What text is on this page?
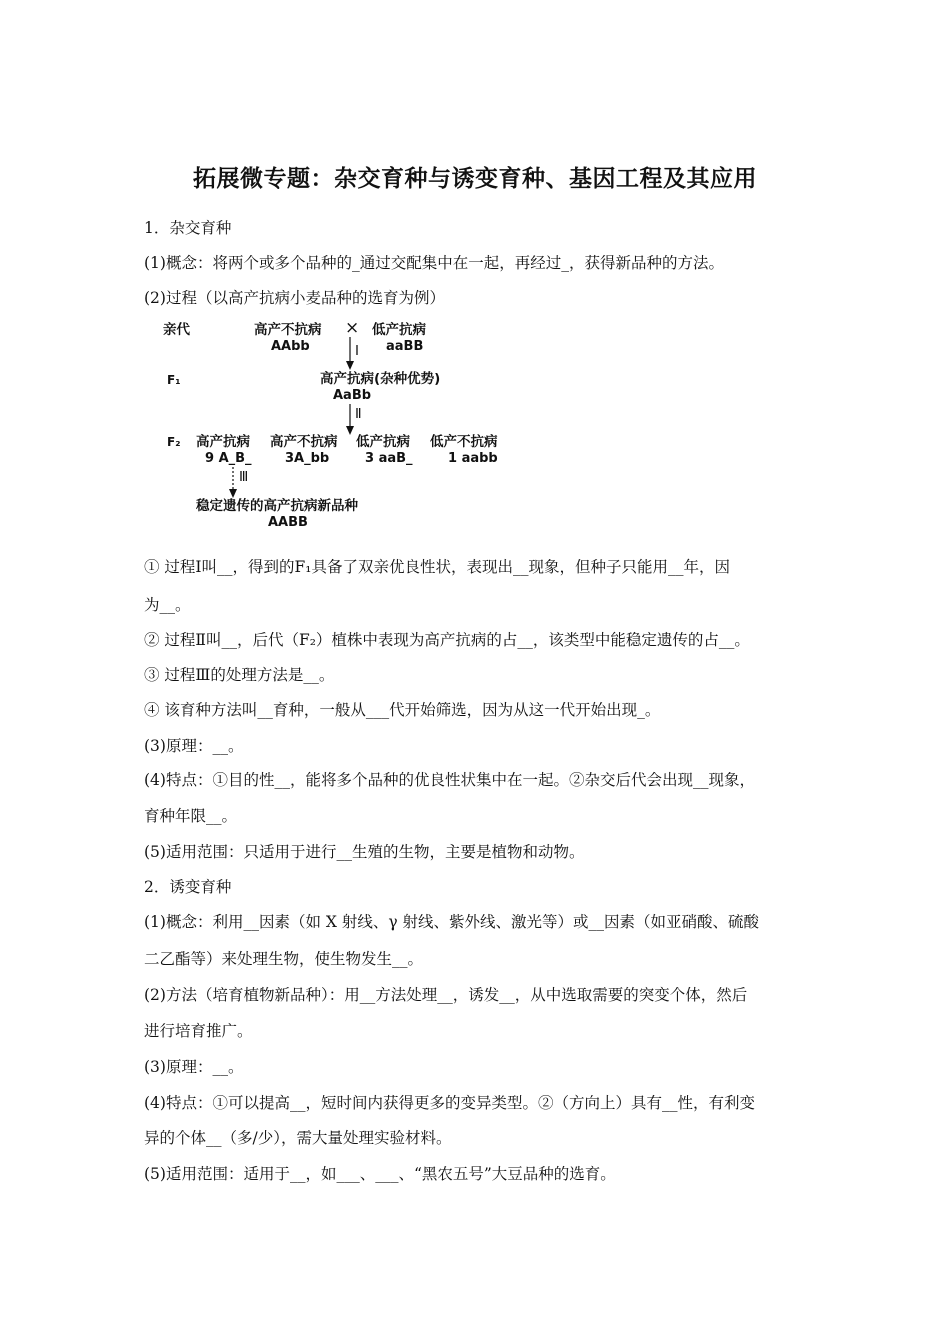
拓展微专题：杂交育种与诱变育种、基因工程及其应用
1．杂交育种
(1)概念：将两个或多个品种的_通过交配集中在一起，再经过_，获得新品种的方法。
(2)过程（以高产抗病小麦品种的选育为例）
亲代	高产不抗病
AAbb
× 低产抗病
aaBB
Ⅰ
F₁	高产抗病(杂种优势)
AaBb
Ⅱ
F₂ 高产抗病
9 A_B_
高产不抗病
3A_bb
低产抗病
3 aaB_
低产不抗病
1 aabb
Ⅲ
稳定遗传的高产抗病新品种
AABB
① 过程Ⅰ叫__，得到的F₁具备了双亲优良性状，表现出__现象，但种子只能用__年，因
为__。
② 过程Ⅱ叫__，后代（F₂）植株中表现为高产抗病的占__，该类型中能稳定遗传的占__。
③ 过程Ⅲ的处理方法是__。
④ 该育种方法叫__育种，一般从___代开始筛选，因为从这一代开始出现_。
(3)原理：__。
(4)特点：①目的性__，能将多个品种的优良性状集中在一起。②杂交后代会出现__现象，
育种年限__。
(5)适用范围：只适用于进行__生殖的生物，主要是植物和动物。
2．诱变育种
(1)概念：利用__因素（如 X 射线、γ 射线、紫外线、激光等）或__因素（如亚硝酸、硫酸
二乙酯等）来处理生物，使生物发生__。
(2)方法（培育植物新品种）：用__方法处理__，诱发__，从中选取需要的突变个体，然后
进行培育推广。
(3)原理：__。
(4)特点：①可以提高__，短时间内获得更多的变异类型。②（方向上）具有__性，有利变
异的个体__（多/少），需大量处理实验材料。
(5)适用范围：适用于__，如___、___、“黑农五号”大豆品种的选育。
